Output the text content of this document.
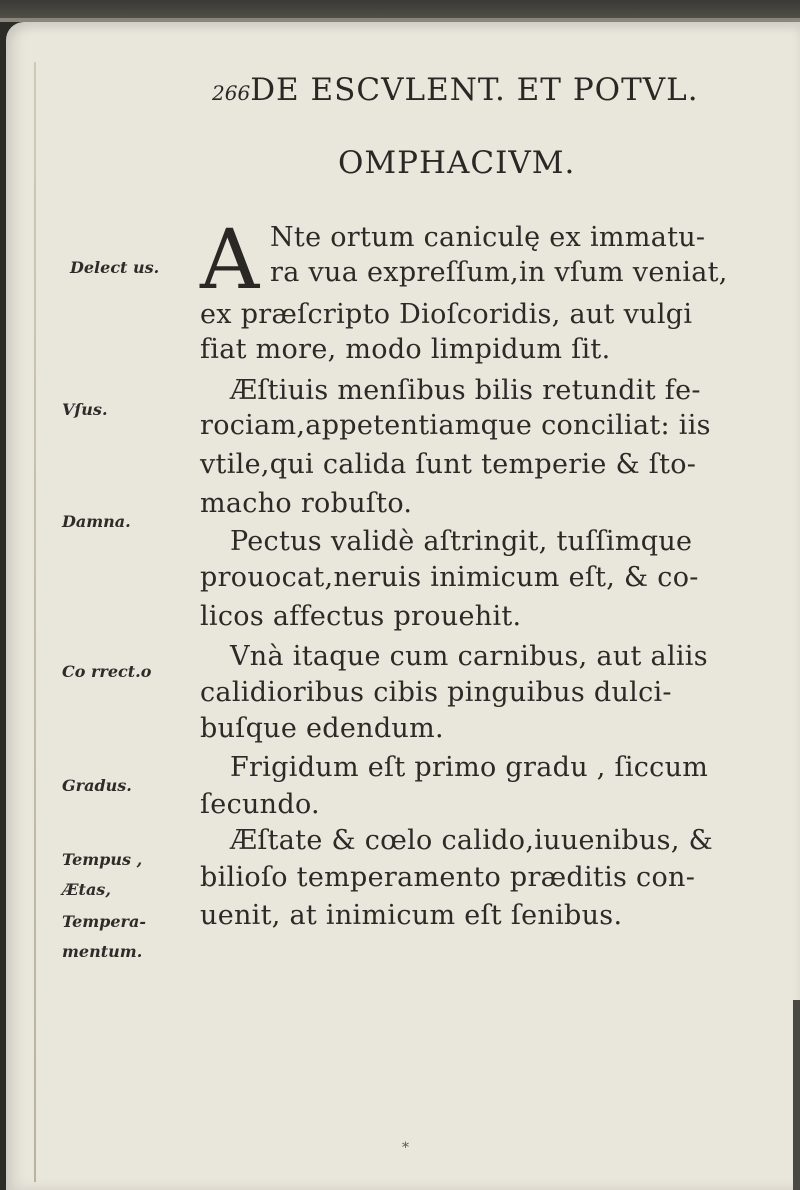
266DE ESCVLENT. ET POTVL.
OMPHACIVM.
A Nte ortum caniculę ex immatu-
ra vua expreſſum,in vſum veniat,
ex præſcripto Dioſcoridis, aut vulgi
fiat more, modo limpidum ſit.
Æſtiuis menſibus bilis retundit fe-
rociam,appetentiamque conciliat: iis
vtile,qui calida ſunt temperie & ſto-
macho robuſto.
Pectus validè aſtringit, tuſſimque
prouocat,neruis inimicum eſt, & co-
licos affectus prouehit.
Vnà itaque cum carnibus, aut aliis
calidioribus cibis pinguibus dulci-
buſque edendum.
Frigidum eſt primo gradu , ſiccum
ſecundo.
Æſtate & cœlo calido,iuuenibus, &
bilioſo temperamento præditis con-
uenit, at inimicum eſt ſenibus.
Delect us.
Vſus.
Damna.
Co rrect.o
Gradus.
Tempus ,
Ætas,
Tempera-
mentum.
*
